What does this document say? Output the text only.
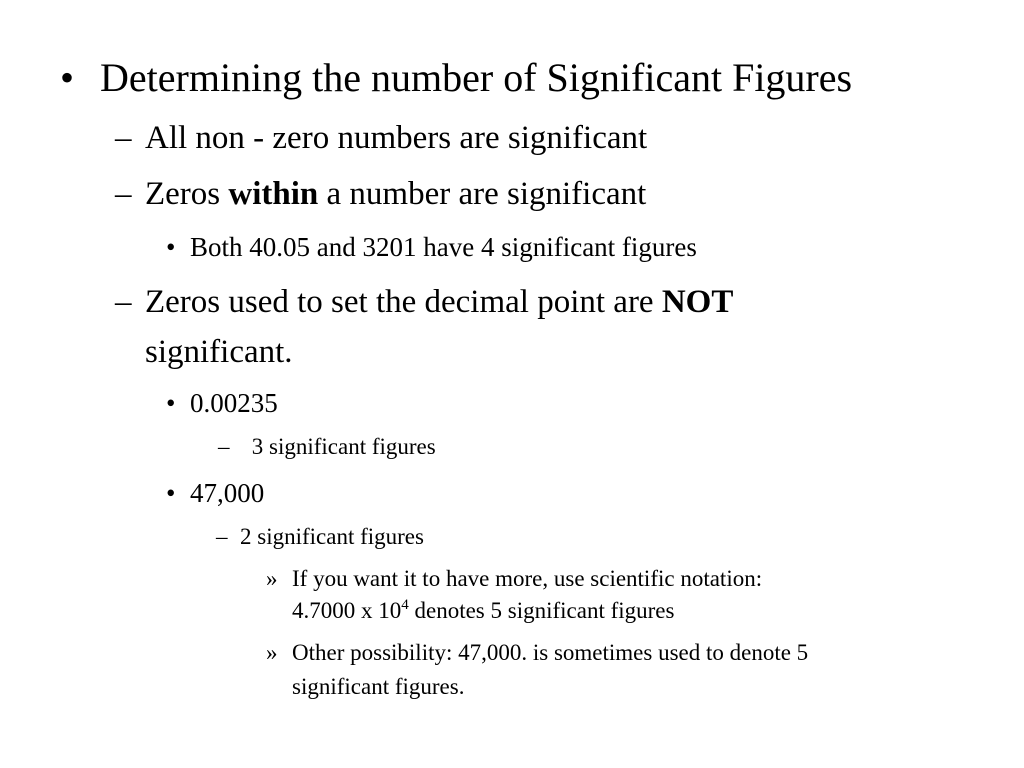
• Determining the number of Significant Figures
– All non - zero numbers are significant
– Zeros within a number are significant
• Both 40.05 and 3201 have 4 significant figures
– Zeros used to set the decimal point are NOT
significant.
• 0.00235
– 3 significant figures
• 47,000
– 2 significant figures
» If you want it to have more, use scientific notation:
4.7000 x $10^4$ denotes 5 significant figures
» Other possibility: 47,000. is sometimes used to denote 5
significant figures.
